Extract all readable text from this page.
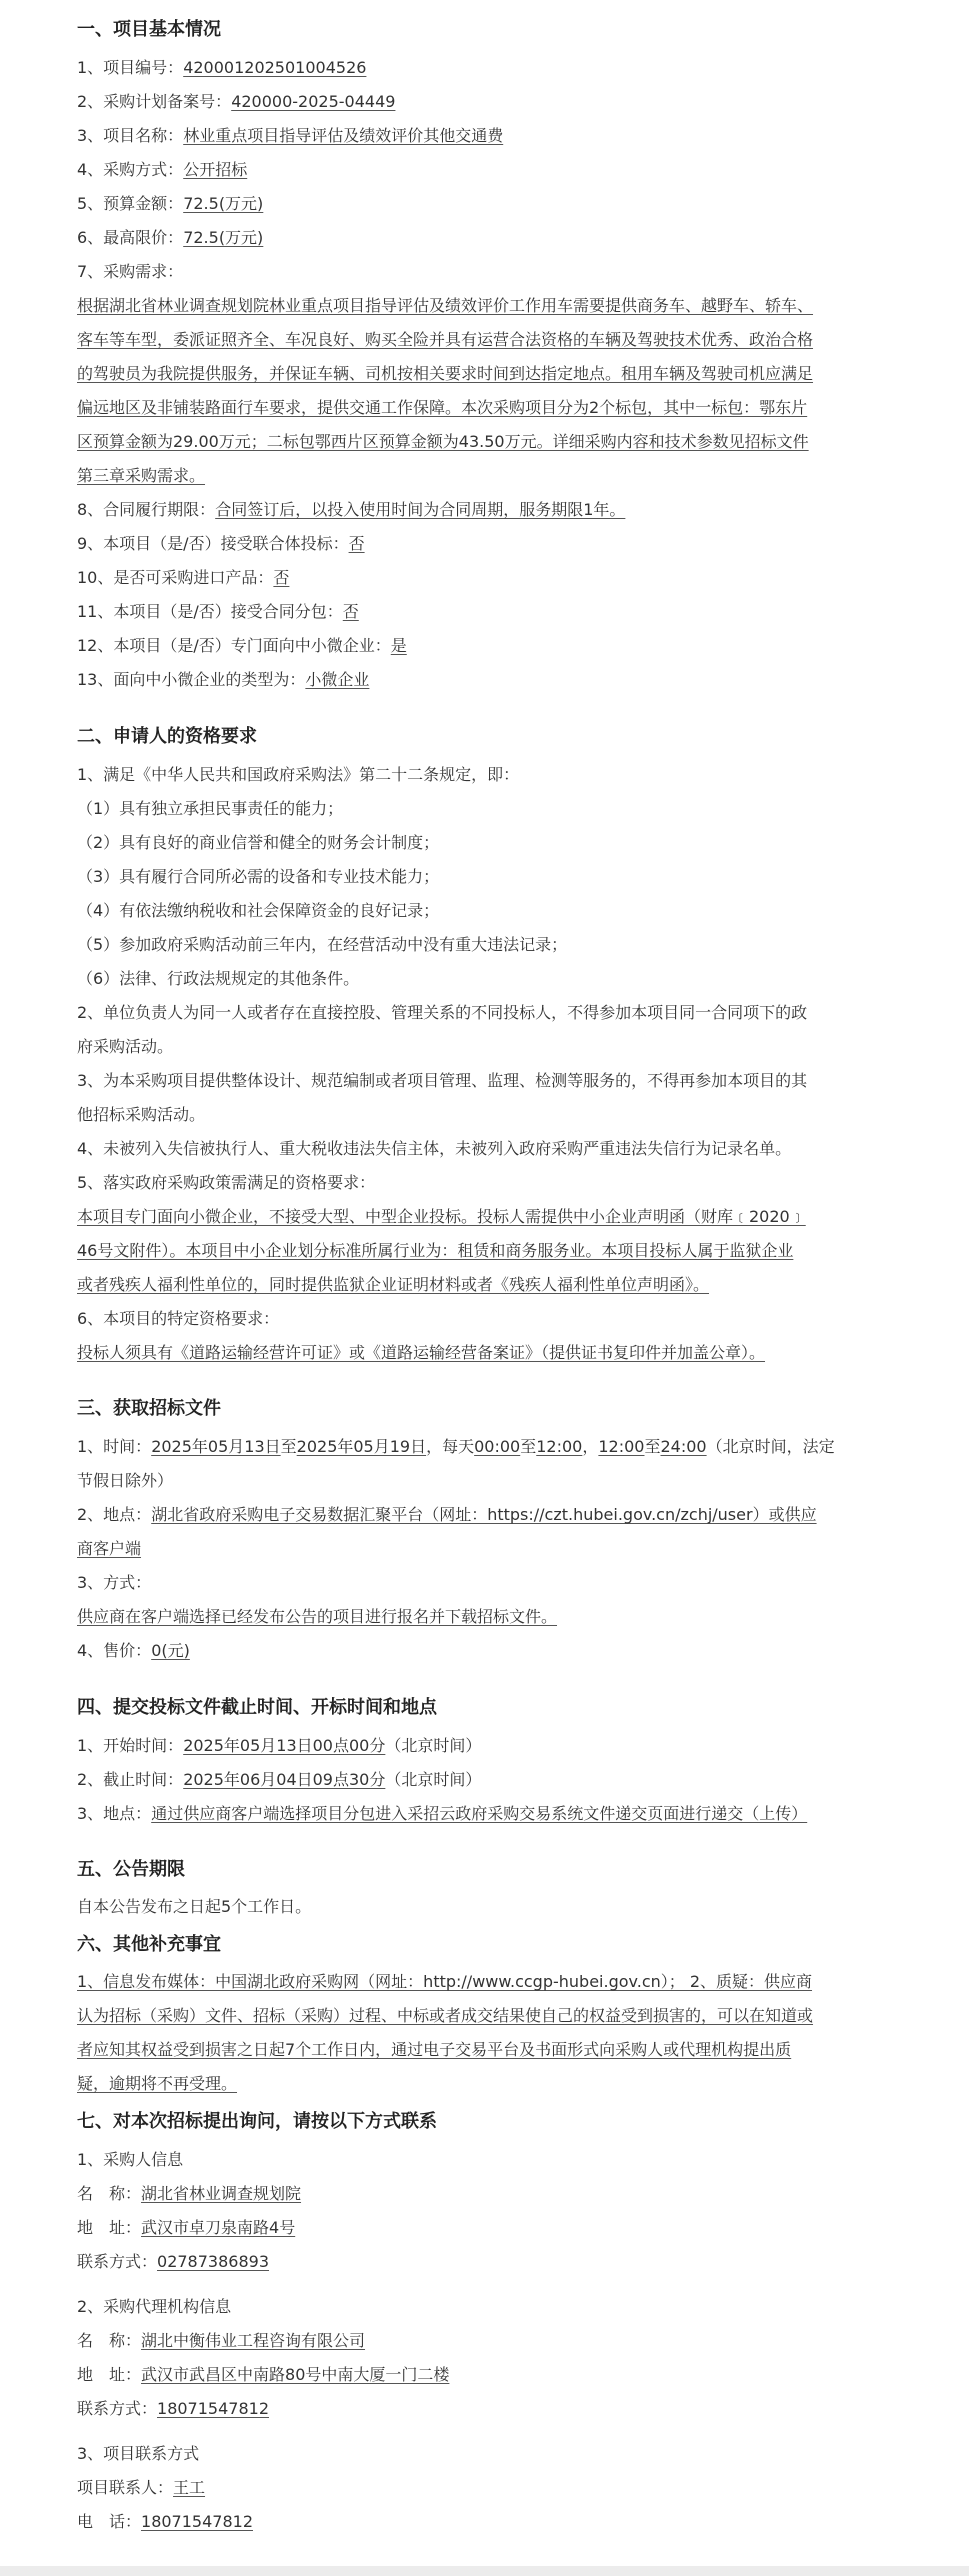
一、项目基本情况
1、项目编号：420001202501004526
2、采购计划备案号：420000-2025-04449
3、项目名称：林业重点项目指导评估及绩效评价其他交通费
4、采购方式：公开招标
5、预算金额：72.5(万元)
6、最高限价：72.5(万元)
7、采购需求：
根据湖北省林业调查规划院林业重点项目指导评估及绩效评价工作用车需要提供商务车、越野车、轿车、
客车等车型，委派证照齐全、车况良好、购买全险并具有运营合法资格的车辆及驾驶技术优秀、政治合格
的驾驶员为我院提供服务，并保证车辆、司机按相关要求时间到达指定地点。租用车辆及驾驶司机应满足
偏远地区及非铺装路面行车要求，提供交通工作保障。本次采购项目分为2个标包，其中一标包：鄂东片
区预算金额为29.00万元；二标包鄂西片区预算金额为43.50万元。详细采购内容和技术参数见招标文件
第三章采购需求。
8、合同履行期限：合同签订后，以投入使用时间为合同周期，服务期限1年。
9、本项目（是/否）接受联合体投标：否
10、是否可采购进口产品：否
11、本项目（是/否）接受合同分包：否
12、本项目（是/否）专门面向中小微企业：是
13、面向中小微企业的类型为：小微企业
二、申请人的资格要求
1、满足《中华人民共和国政府采购法》第二十二条规定，即：
（1）具有独立承担民事责任的能力；
（2）具有良好的商业信誉和健全的财务会计制度；
（3）具有履行合同所必需的设备和专业技术能力；
（4）有依法缴纳税收和社会保障资金的良好记录；
（5）参加政府采购活动前三年内，在经营活动中没有重大违法记录；
（6）法律、行政法规规定的其他条件。
2、单位负责人为同一人或者存在直接控股、管理关系的不同投标人，不得参加本项目同一合同项下的政
府采购活动。
3、为本采购项目提供整体设计、规范编制或者项目管理、监理、检测等服务的，不得再参加本项目的其
他招标采购活动。
4、未被列入失信被执行人、重大税收违法失信主体，未被列入政府采购严重违法失信行为记录名单。
5、落实政府采购政策需满足的资格要求：
本项目专门面向小微企业，不接受大型、中型企业投标。投标人需提供中小企业声明函（财库﹝2020﹞
46号文附件）。本项目中小企业划分标准所属行业为：租赁和商务服务业。本项目投标人属于监狱企业
或者残疾人福利性单位的，同时提供监狱企业证明材料或者《残疾人福利性单位声明函》。
6、本项目的特定资格要求：
投标人须具有《道路运输经营许可证》或《道路运输经营备案证》（提供证书复印件并加盖公章）。
三、获取招标文件
1、时间：2025年05月13日至2025年05月19日，每天00:00至12:00，12:00至24:00（北京时间，法定
节假日除外）
2、地点：湖北省政府采购电子交易数据汇聚平台（网址：https://czt.hubei.gov.cn/zchj/user）或供应
商客户端
3、方式：
供应商在客户端选择已经发布公告的项目进行报名并下载招标文件。
4、售价：0(元)
四、提交投标文件截止时间、开标时间和地点
1、开始时间：2025年05月13日00点00分（北京时间）
2、截止时间：2025年06月04日09点30分（北京时间）
3、地点：通过供应商客户端选择项目分包进入采招云政府采购交易系统文件递交页面进行递交（上传）
五、公告期限
自本公告发布之日起5个工作日。
六、其他补充事宜
1、信息发布媒体：中国湖北政府采购网（网址：http://www.ccgp-hubei.gov.cn）； 2、质疑：供应商
认为招标（采购）文件、招标（采购）过程、中标或者成交结果使自己的权益受到损害的，可以在知道或
者应知其权益受到损害之日起7个工作日内，通过电子交易平台及书面形式向采购人或代理机构提出质
疑，逾期将不再受理。
七、对本次招标提出询问，请按以下方式联系
1、采购人信息
名　称：湖北省林业调查规划院
地　址：武汉市卓刀泉南路4号
联系方式：02787386893
2、采购代理机构信息
名　称：湖北中衡伟业工程咨询有限公司
地　址：武汉市武昌区中南路80号中南大厦一门二楼
联系方式：18071547812
3、项目联系方式
项目联系人：王工
电　话：18071547812
